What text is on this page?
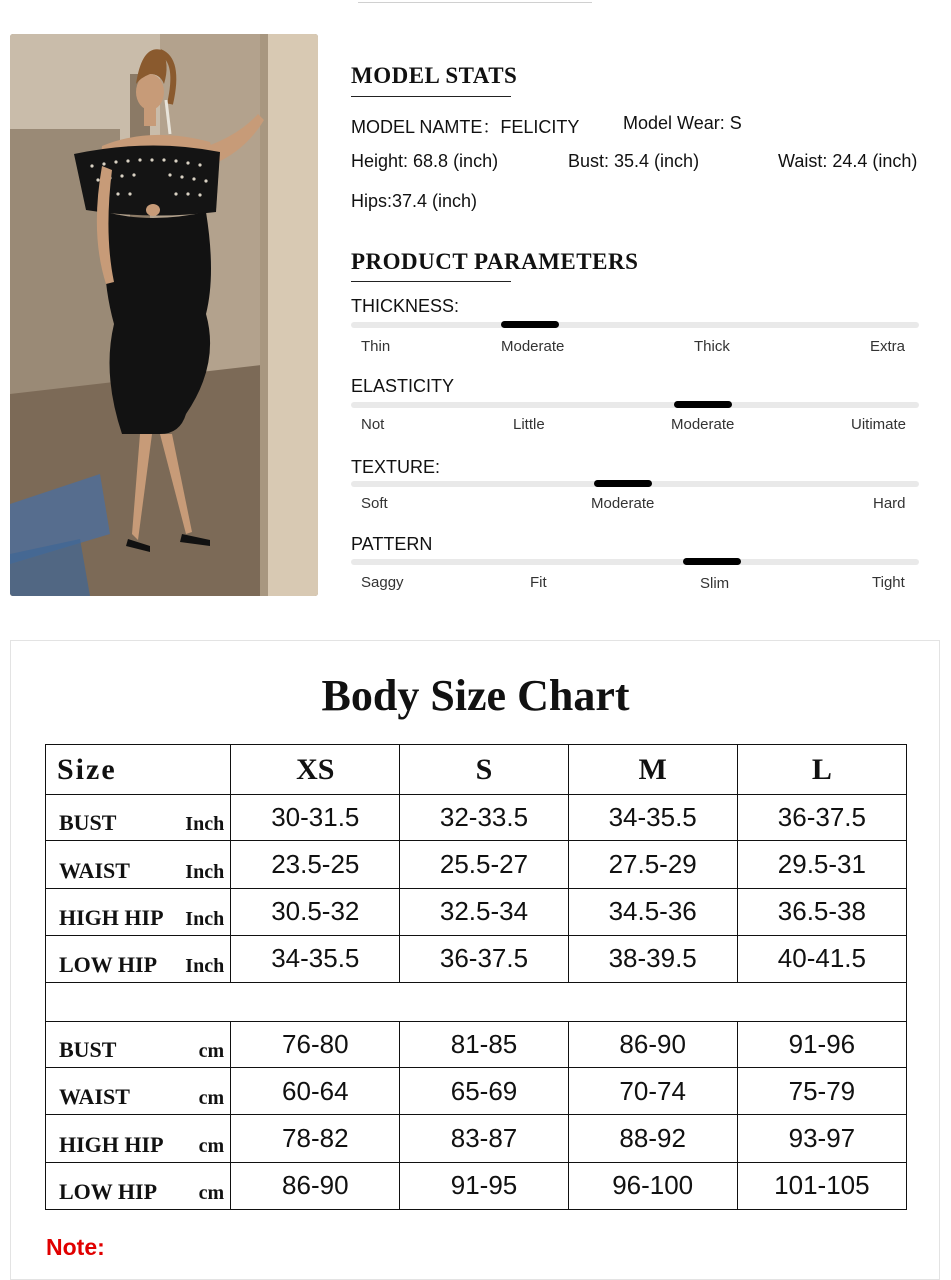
MODEL STATS
MODEL NAMTE：FELICITY Model Wear: S
Height: 68.8 (inch)	Bust: 35.4 (inch)	Waist: 24.4 (inch)
Hips:37.4 (inch)
PRODUCT PARAMETERS
THICKNESS:
Thin	Moderate	Thick	Extra
ELASTICITY
Not	Little	Moderate	Uitimate
TEXTURE:
Soft	Moderate	Hard
PATTERN
Saggy	Fit	Slim	Tight
Body Size Chart
Size	XS	S	M	L

BUST Inch	30-31.5	32-33.5	34-35.5	36-37.5

WAIST Inch	23.5-25	25.5-27	27.5-29	29.5-31

HIGH HIP Inch	30.5-32	32.5-34	34.5-36	36.5-38

LOW HIP Inch	34-35.5	36-37.5	38-39.5	40-41.5

BUST cm	76-80	81-85	86-90	91-96

WAIST cm	60-64	65-69	70-74	75-79

HIGH HIP cm	78-82	83-87	88-92	93-97

LOW HIP cm	86-90	91-95	96-100	101-105

Note:
